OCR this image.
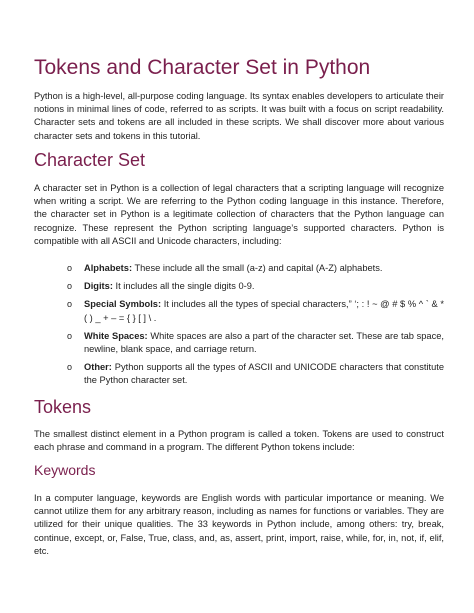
Tokens and Character Set in Python

Python is a high-level, all-purpose coding language. Its syntax enables developers to articulate their notions in minimal lines of code, referred to as scripts. It was built with a focus on script readability. Character sets and tokens are all included in these scripts. We shall discover more about various character sets and tokens in this tutorial.

Character Set

A character set in Python is a collection of legal characters that a scripting language will recognize when writing a script. We are referring to the Python coding language in this instance. Therefore, the character set in Python is a legitimate collection of characters that the Python language can recognize. These represent the Python scripting language’s supported characters. Python is compatible with all ASCII and Unicode characters, including:

o Alphabets: These include all the small (a-z) and capital (A-Z) alphabets.
o Digits: It includes all the single digits 0-9.
o Special Symbols: It includes all the types of special characters,” ‘; : ! ~ @ # $ % ^ ` & * ( ) _ + – = { } [ ] \ .
o White Spaces: White spaces are also a part of the character set. These are tab space, newline, blank space, and carriage return.
o Other: Python supports all the types of ASCII and UNICODE characters that constitute the Python character set.
Tokens

The smallest distinct element in a Python program is called a token. Tokens are used to construct each phrase and command in a program. The different Python tokens include:

Keywords

In a computer language, keywords are English words with particular importance or meaning. We cannot utilize them for any arbitrary reason, including as names for functions or variables. They are utilized for their unique qualities. The 33 keywords in Python include, among others: try, break, continue, except, or, False, True, class, and, as, assert, print, import, raise, while, for, in, not, if, elif, etc.
